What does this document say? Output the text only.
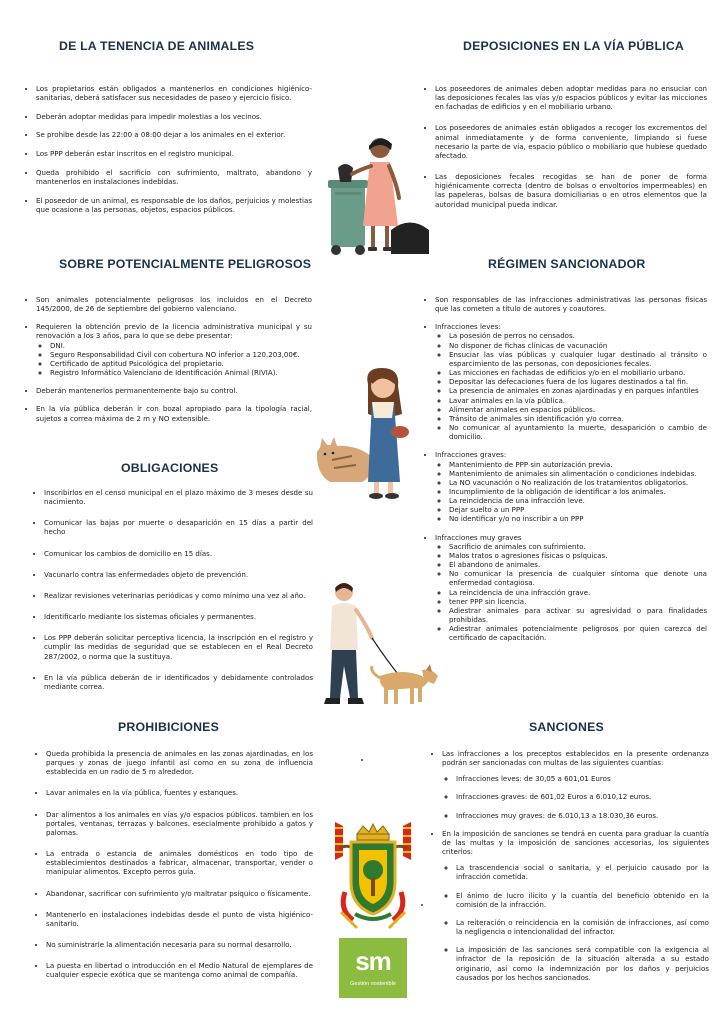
DE LA TENENCIA DE ANIMALES
• Los propietarios están obligados a mantenerlos en condiciones higiénico-sanitarias, deberá satisfacer sus necesidades de paseo y ejercicio físico.
• Deberán adoptar medidas para impedir molestias a los vecinos.
• Se prohibe desde las 22:00 a 08:00 dejar a los animales en el exterior.
• Los PPP deberán estar inscritos en el registro municipal.
• Queda prohibido el sacrificio con sufrimiento, maltrato, abandono y mantenerlos en instalaciones indebidas.
• El poseedor de un animal, es responsable de los daños, perjuicios y molestias que ocasione a las personas, objetos, espacios públicos.
DEPOSICIONES EN LA VÍA PÚBLICA
• Los poseedores de animales deben adoptar medidas para no ensuciar con las deposiciones fecales las vías y/o espacios públicos y evitar las micciones en fachadas de edificios y en el mobiliario urbano.
• Los poseedores de animales están obligados a recoger los excrementos del animal inmediatamente y de forma conveniente, limpiando si fuese necesario la parte de vía, espacio público o mobiliario que hubiese quedado afectado.
• Las deposiciones fecales recogidas se han de poner de forma higiénicamente correcta (dentro de bolsas o envoltorios impermeables) en las papeleras, bolsas de basura domiciliarias o en otros elementos que la autoridad municipal pueda indicar.
SOBRE POTENCIALMENTE PELIGROSOS
• Son animales potencialmente peligrosos los incluidos en el Decreto 145/2000, de 26 de septiembre del gobierno valenciano.
• Requieren la obtención previo de la licencia administrativa municipal y su renovación a los 3 años, para lo que se debe presentar:
◦ DNI.
◦ Seguro Responsabilidad Civil con cobertura NO inferior a 120.203,00€.
◦ Certificado de aptitud Psicológica del propietario.
◦ Registro Informático Valenciano de Identificación Animal (RIVIA).
• Deberán mantenerlos permanentemente bajo su control.
• En la vía pública deberán ir con bozal apropiado para la tipología racial, sujetos a correa máxima de 2 m y NO extensible.
RÉGIMEN SANCIONADOR
• Son responsables de las infracciones administrativas las personas físicas que las cometen a título de autores y coautores.
• Infracciones leves:
◦ La posesión de perros no censados.
◦ No disponer de fichas clínicas de vacunación
◦ Ensuciar las vías públicas y cualquier lugar destinado al tránsito o esparcimiento de las personas, con deposiciones fecales.
◦ Las micciones en fachadas de edificios y/o en el mobiliario urbano.
◦ Depositar las defecaciones fuera de los lugares destinados a tal fin.
◦ La presencia de animales en zonas ajardinadas y en parques infantiles
◦ Lavar animales en la vía pública.
◦ Alimentar animales en espacios públicos.
◦ Tránsito de animales sin identificación y/o correa.
◦ No comunicar al ayuntamiento la muerte, desaparición o cambio de domicilio.
• Infracciones graves:
◦ Mantenimiento de PPP sin autorización previa.
◦ Mantenimiento de animales sin alimentación o condiciones indebidas.
◦ La NO vacunación o No realización de los tratamientos obligatorios.
◦ Incumplimiento de la obligación de identificar a los animales.
◦ La reincidencia de una infracción leve.
◦ Dejar suelto a un PPP
◦ No identificar y/o no inscribir a un PPP
• Infracciones muy graves
◦ Sacrificio de animales con sufrimiento.
◦ Malos tratos o agresiones físicas o psíquicas.
◦ El abandono de animales.
◦ No comunicar la presencia de cualquier síntoma que denote una enfermedad contagiosa.
◦ La reincidencia de una infracción grave.
◦ tener PPP sin licencia.
◦ Adiestrar animales para activar su agresividad o para finalidades prohibidas.
◦ Adiestrar animales potencialmente peligrosos por quien carezca del certificado de capacitación.
OBLIGACIONES
• Inscribirlos en el censo municipal en el plazo máximo de 3 meses desde su nacimiento.
• Comunicar las bajas por muerte o desaparición en 15 días a partir del hecho
• Comunicar los cambios de domicilio en 15 días.
• Vacunarlo contra las enfermedades objeto de prevención.
• Realizar revisiones veterinarias periódicas y como mínimo una vez al año.
• Identificarlo mediante los sistemas oficiales y permanentes.
• Los PPP deberán solicitar perceptiva licencia, la inscripción en el registro y cumplir las medidas de seguridad que se establecen en el Real Decreto 287/2002, o norma que la sustituya.
• En la vía pública deberán de ir identificados y debidamente controlados mediante correa.
PROHIBICIONES
• Queda prohibida la presencia de animales en las zonas ajardinadas, en los parques y zonas de juego infantil así como en su zona de influencia establecida en un radio de 5 m alrededor.
• Lavar animales en la vía pública, fuentes y estanques.
• Dar alimentos a los animales en vías y/o espacios públicos. tambien en los portales, ventanas, terrazas y balcones. esecialmente prohibido a gatos y palomas.
• La entrada o estancia de animales domésticos en todo tipo de establecimientos destinados a fabricar, almacenar, transportar, vender o manipular alimentos. Excepto perros guía.
• Abandonar, sacrificar con sufrimiento y/o maltratar psíquico o físicamente.
• Mantenerlo en instalaciones indebidas desde el punto de vista higiénico-sanitario.
• No suministrarle la alimentación necesaria para su normal desarrollo.
• La puesta en libertad o introducción en el Medio Natural de ejemplares de cualquier especie exótica que se mantenga como animal de compañía.
SANCIONES
• Las infracciones a los preceptos establecidos en la presente ordenanza podrán ser sancionadas con multas de las siguientes cuantías:
◦ Infracciones leves: de 30,05 a 601,01 Euros
◦ Infracciones graves: de 601,02 Euros a 6.010,12 euros.
◦ Infracciones muy graves: de 6.010,13 a 18.030,36 euros.
• En la imposición de sanciones se tendrá en cuenta para graduar la cuantía de las multas y la imposición de sanciones accesorias, los siguientes criterios:
◦ La trascendencia social o sanitaria, y el perjuicio causado por la infracción cometida.
◦ El ánimo de lucro ilícito y la cuantía del beneficio obtenido en la comisión de la infracción.
◦ La reiteración o reincidencia en la comisión de infracciones, así como la negligencia o intencionalidad del infractor.
◦ La imposición de las sanciones será compatible con la exigencia al infractor de la reposición de la situación alterada a su estado originario, así como la indemnización por los daños y perjuicios causados por los hechos sancionados.
sm
Gestión sostenible
